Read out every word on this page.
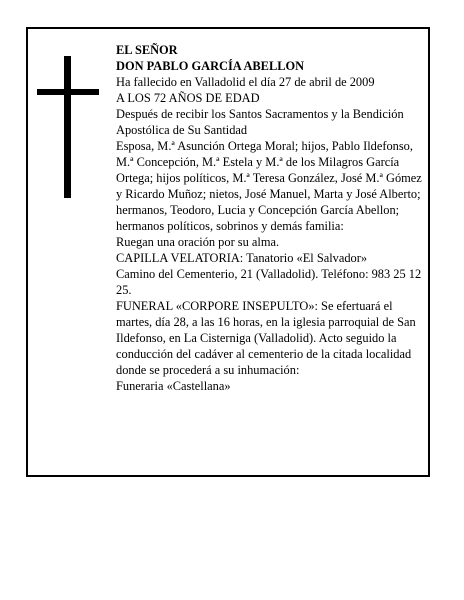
EL SEÑOR

DON PABLO GARCÍA ABELLON

Ha fallecido en Valladolid el día 27 de abril de 2009

A LOS 72 AÑOS DE EDAD

Después de recibir los Santos Sacramentos y la Bendición Apostólica de Su Santidad

Esposa, M.ª Asunción Ortega Moral; hijos, Pablo Ildefonso, M.ª Concepción, M.ª Estela y M.ª de los Milagros García Ortega; hijos políticos, M.ª Teresa González, José M.ª Gómez y Ricardo Muñoz; nietos, José Manuel, Marta y José Alberto; hermanos, Teodoro, Lucia y Concepción García Abellon; hermanos políticos, sobrinos y demás familia:

Ruegan una oración por su alma.

CAPILLA VELATORIA: Tanatorio «El Salvador»

Camino del Cementerio, 21 (Valladolid). Teléfono: 983 25 12 25.

FUNERAL «CORPORE INSEPULTO»: Se efertuará el martes, día 28, a las 16 horas, en la iglesia parroquial de San Ildefonso, en La Cisterniga (Valladolid). Acto seguido la conducción del cadáver al cementerio de la citada localidad donde se procederá a su inhumación:

Funeraria «Castellana»
